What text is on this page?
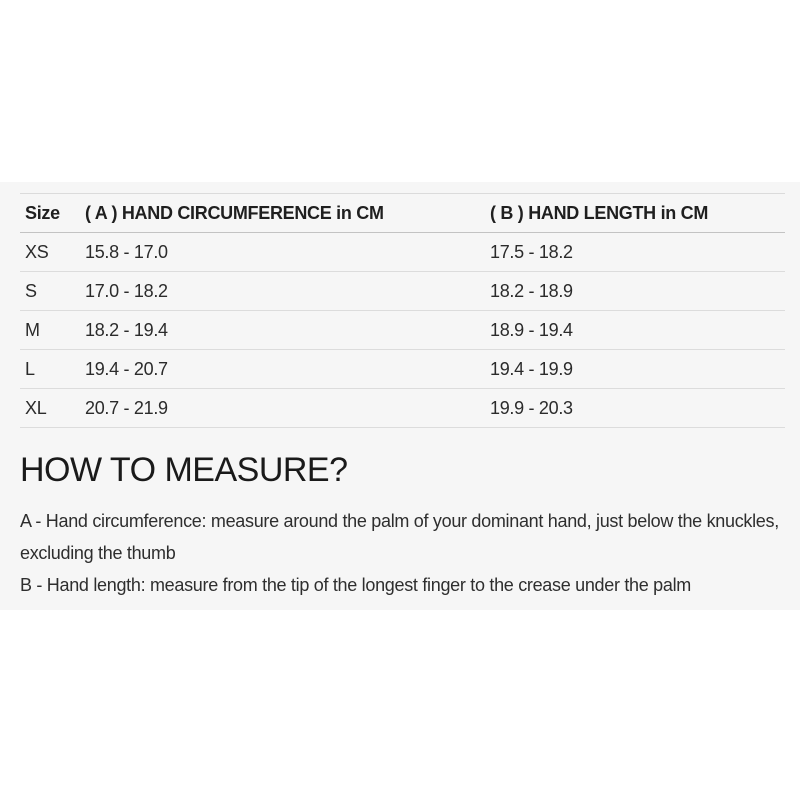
Size	( A ) HAND CIRCUMFERENCE in CM	( B ) HAND LENGTH in CM
XS	15.8 - 17.0	17.5 - 18.2
S	17.0 - 18.2	18.2 - 18.9
M	18.2 - 19.4	18.9 - 19.4
L	19.4 - 20.7	19.4 - 19.9
XL	20.7 - 21.9	19.9 - 20.3
HOW TO MEASURE?

A - Hand circumference: measure around the palm of your dominant hand, just below the knuckles, excluding the thumb

B - Hand length: measure from the tip of the longest finger to the crease under the palm
